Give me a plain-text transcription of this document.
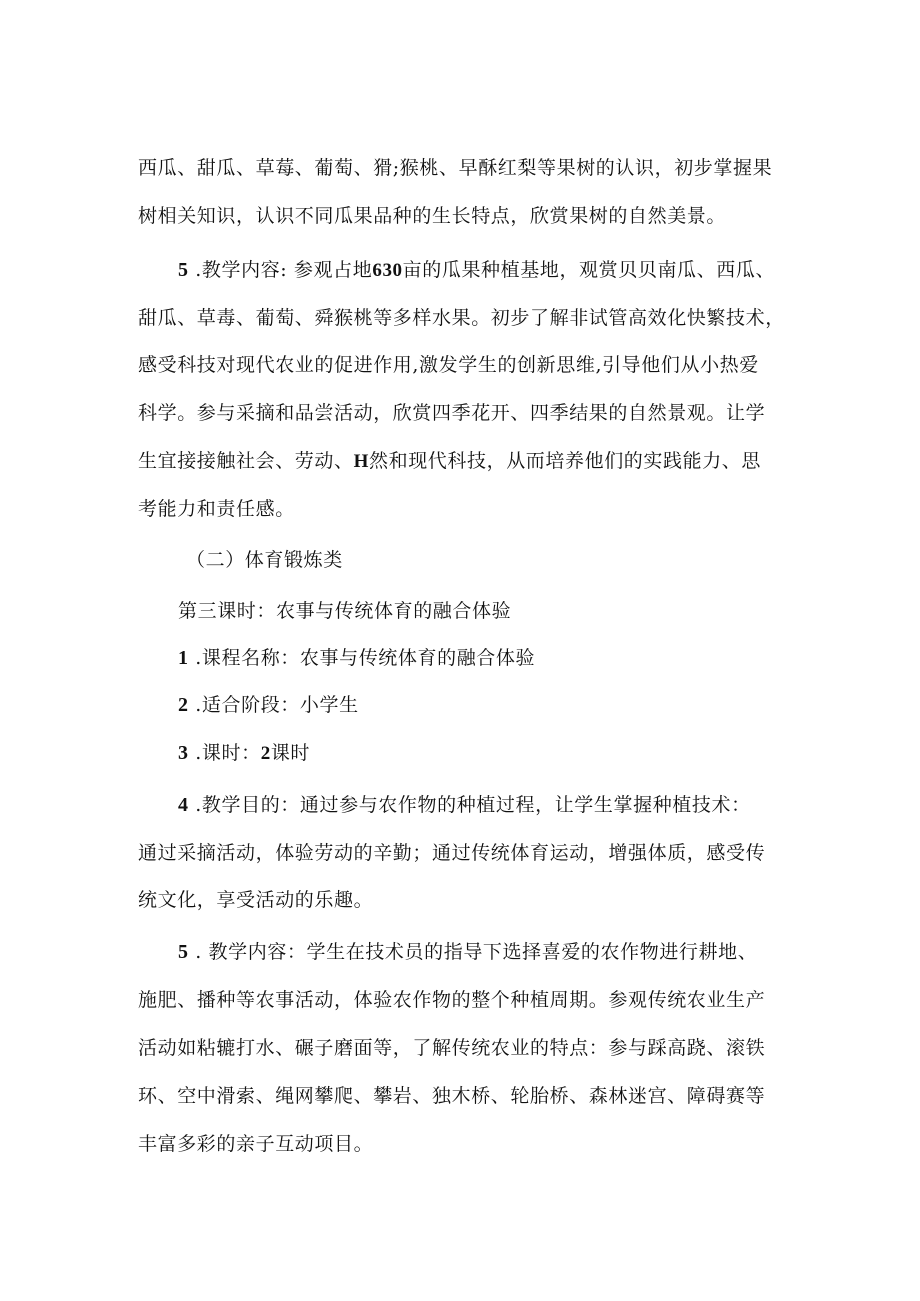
西瓜、甜瓜、草莓、葡萄、猾;猴桃、早酥红梨等果树的认识，初步掌握果
树相关知识，认识不同瓜果品种的生长特点，欣赏果树的自然美景。
5 .教学内容: 参观占地630亩的瓜果种植基地，观赏贝贝南瓜、西瓜、
甜瓜、草毒、葡萄、舜猴桃等多样水果。初步了解非试管高效化快繁技术，
感受科技对现代农业的促进作用,激发学生的创新思维,引导他们从小热爱
科学。参与采摘和品尝活动，欣赏四季花开、四季结果的自然景观。让学
生宜接接触社会、劳动、H然和现代科技，从而培养他们的实践能力、思
考能力和责任感。
（二）体育锻炼类
第三课时：农事与传统体育的融合体验
1 .课程名称：农事与传统体育的融合体验
2 .适合阶段：小学生
3 .课时：2课时
4 .教学目的：通过参与农作物的种植过程，让学生掌握种植技术：
通过采摘活动，体验劳动的辛勤；通过传统体育运动，增强体质，感受传
统文化，享受活动的乐趣。
5 . 教学内容：学生在技术员的指导下选择喜爱的农作物进行耕地、
施肥、播种等农事活动，体验农作物的整个种植周期。参观传统农业生产
活动如粘辘打水、碾子磨面等，了解传统农业的特点：参与踩高跷、滚铁
环、空中滑索、绳网攀爬、攀岩、独木桥、轮胎桥、森林迷宫、障碍赛等
丰富多彩的亲子互动项目。
